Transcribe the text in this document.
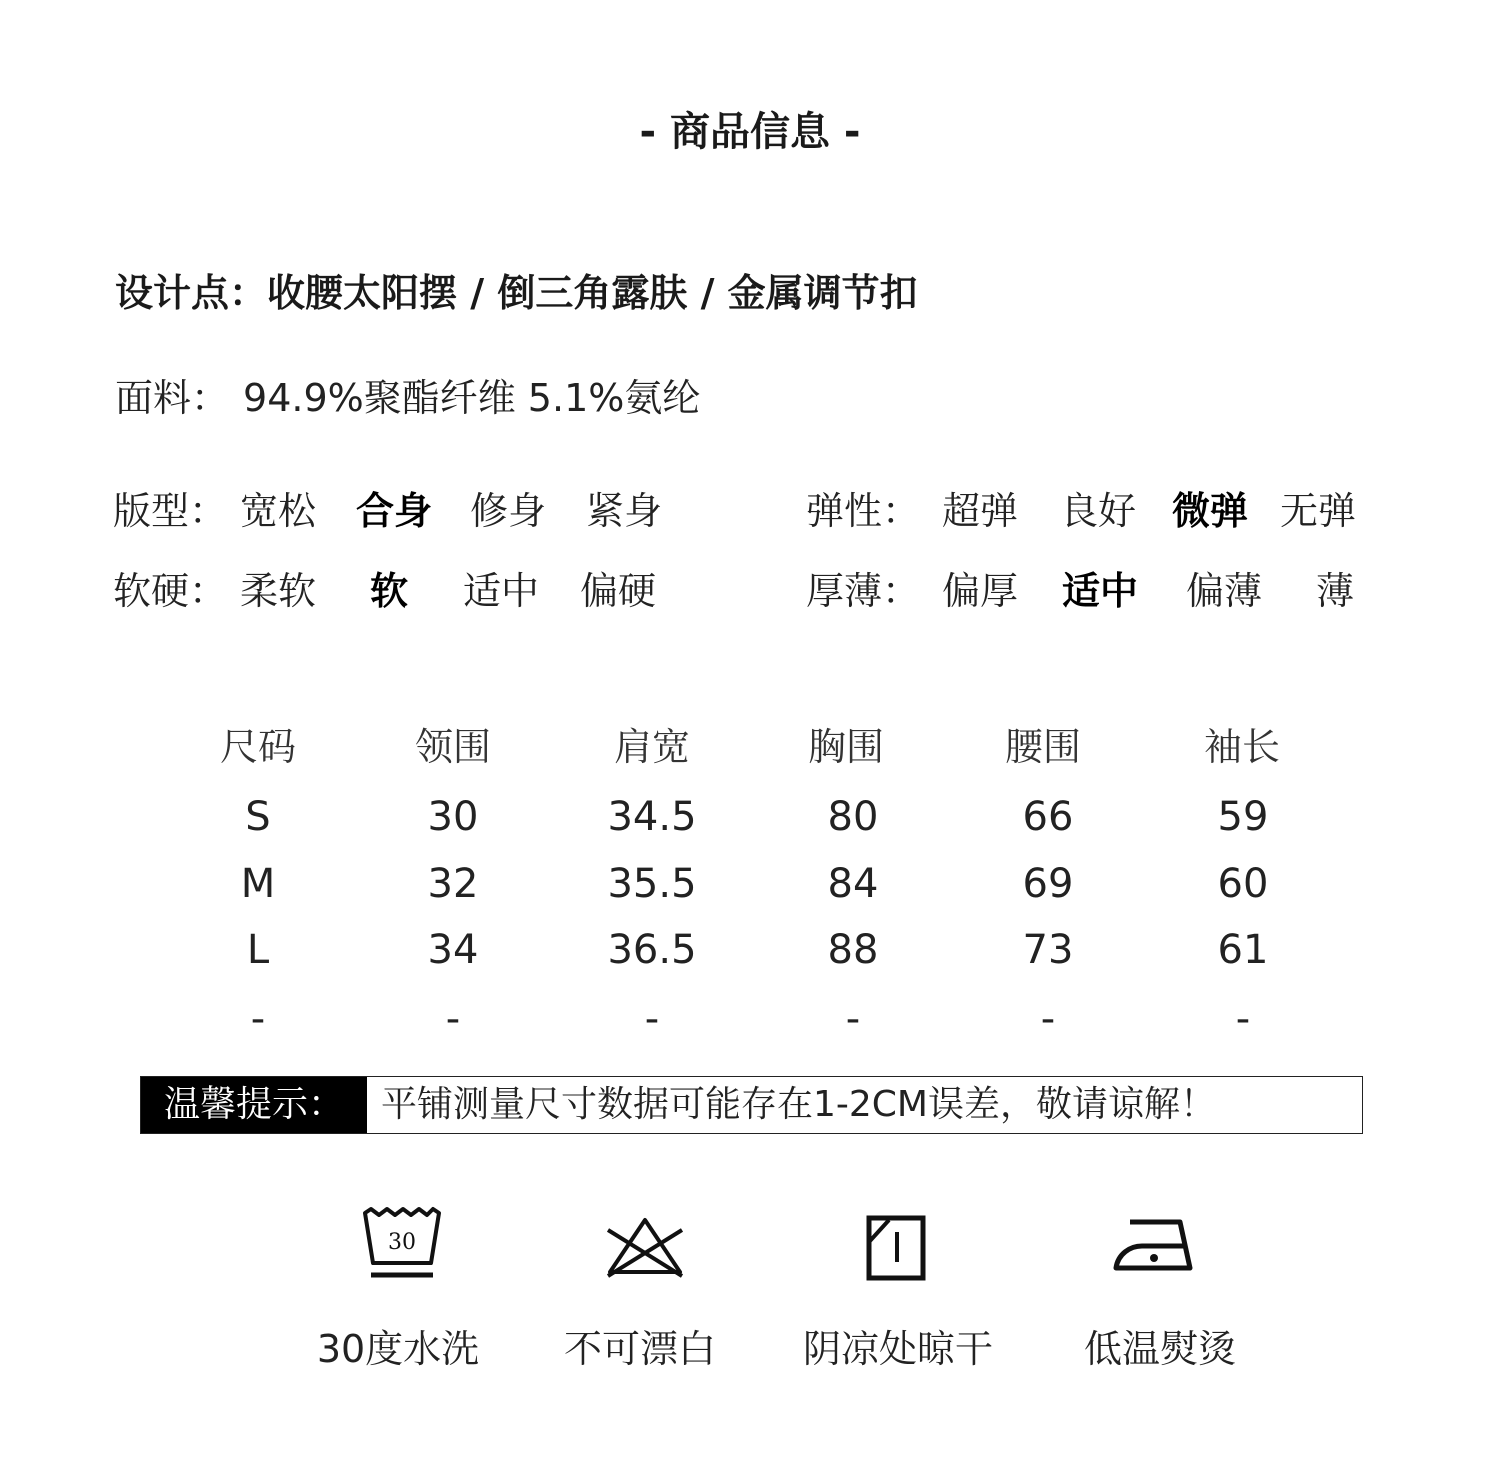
- 商品信息 -
设计点：收腰太阳摆 / 倒三角露肤 / 金属调节扣
面料： 94.9%聚酯纤维 5.1%氨纶
版型： 宽松 合身 修身 紧身	弹性： 超弹 良好 微弹 无弹
软硬： 柔软 软 适中 偏硬	厚薄： 偏厚 适中 偏薄 薄
尺码	领围	肩宽	胸围	腰围	袖长
S	30	34.5	80	66	59
M	32	35.5	84	69	60
L	34	36.5	88	73	61
-	-	-	-	-	-
温馨提示：	平铺测量尺寸数据可能存在1-2CM误差，敬请谅解！
30
30度水洗	不可漂白	阴凉处晾干	低温熨烫
